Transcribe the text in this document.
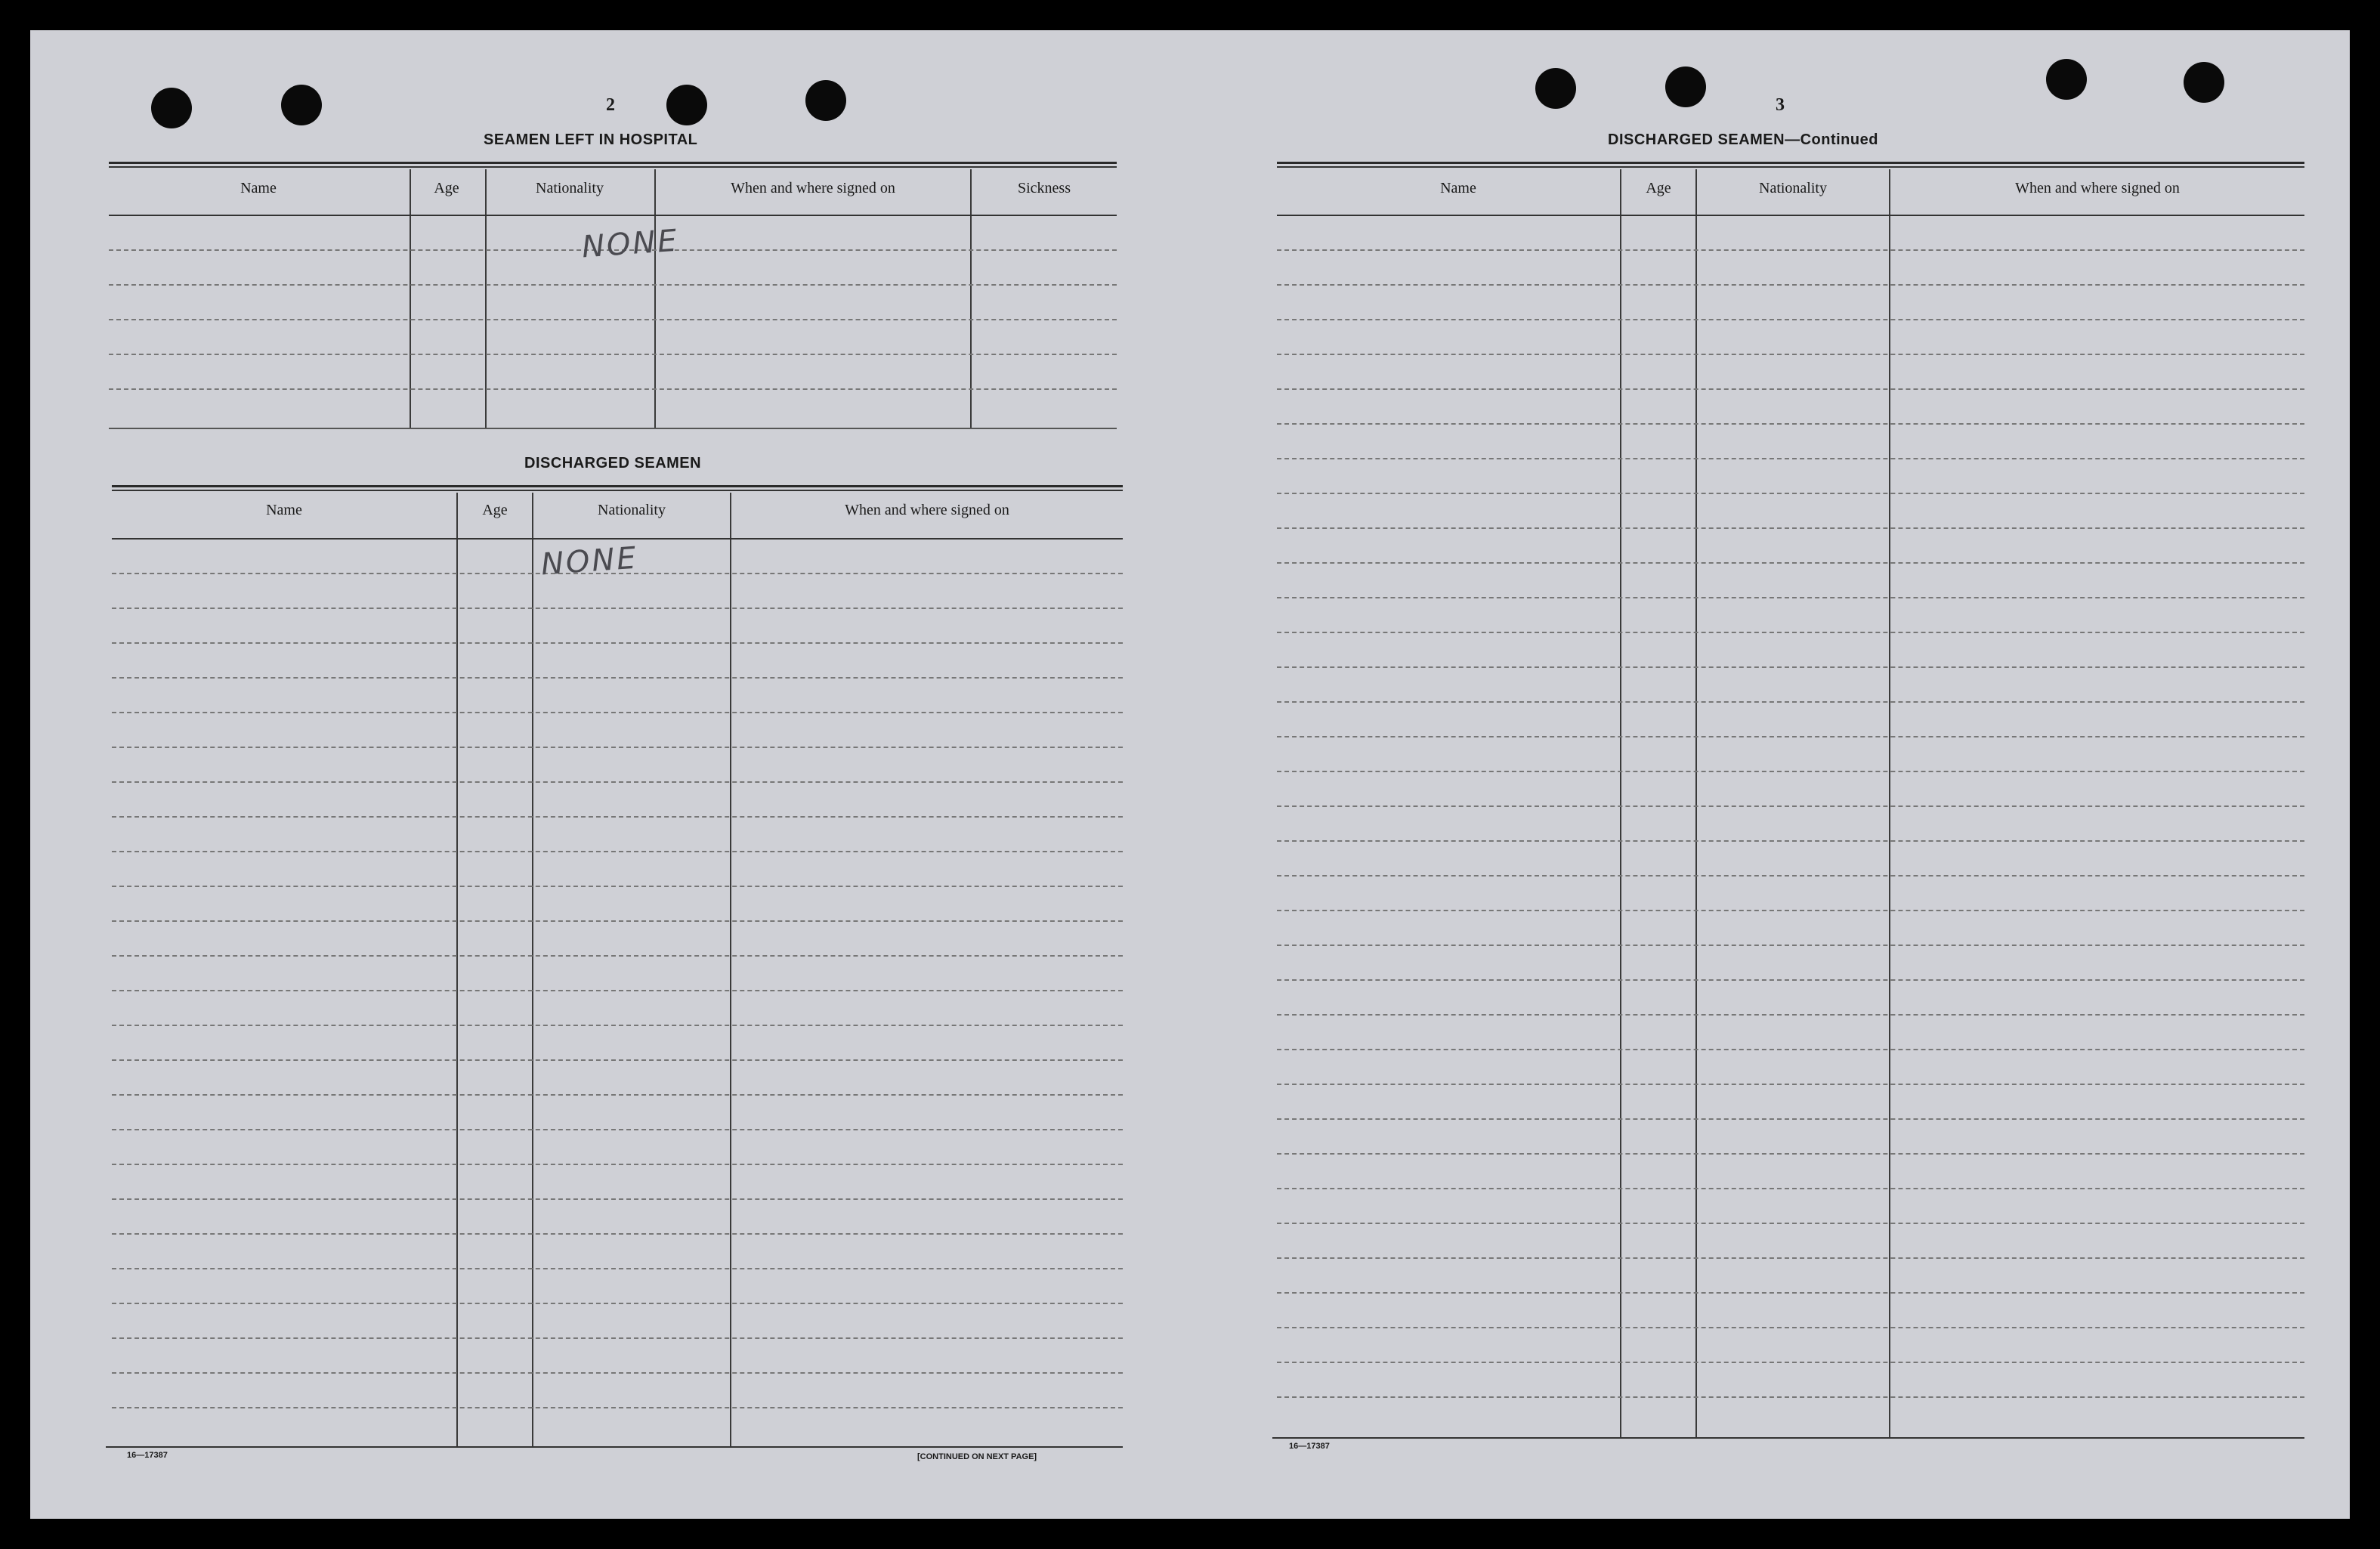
2
SEAMEN LEFT IN HOSPITAL
Name	Age	Nationality	When and where signed on	Sickness
NONE
DISCHARGED SEAMEN
Name	Age	Nationality	When and where signed on
NONE
16—17387	[CONTINUED ON NEXT PAGE]
3
DISCHARGED SEAMEN—Continued
Name	Age	Nationality	When and where signed on
16—17387
